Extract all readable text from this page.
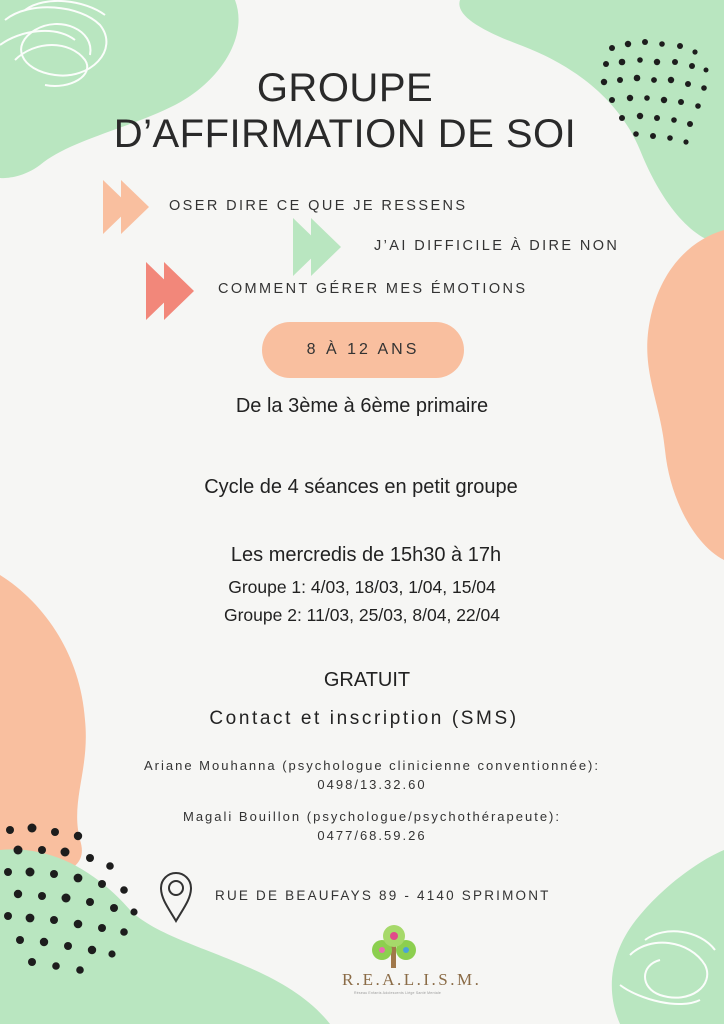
GROUPE
D’AFFIRMATION DE SOI
OSER DIRE CE QUE JE RESSENS
J’AI DIFFICILE À DIRE NON
COMMENT GÉRER MES ÉMOTIONS
8 À 12 ANS
De la 3ème à 6ème primaire
Cycle de 4 séances en petit groupe
Les mercredis de 15h30 à 17h
Groupe 1: 4/03, 18/03, 1/04, 15/04
Groupe 2: 11/03, 25/03, 8/04, 22/04
GRATUIT
Contact et inscription (SMS)
Ariane Mouhanna (psychologue clinicienne conventionnée):
0498/13.32.60
Magali Bouillon (psychologue/psychothérapeute):
0477/68.59.26
RUE DE BEAUFAYS 89 - 4140 SPRIMONT
R.E.A.L.I.S.M.
Réseau Enfants Adolescents Liège Santé Mentale
